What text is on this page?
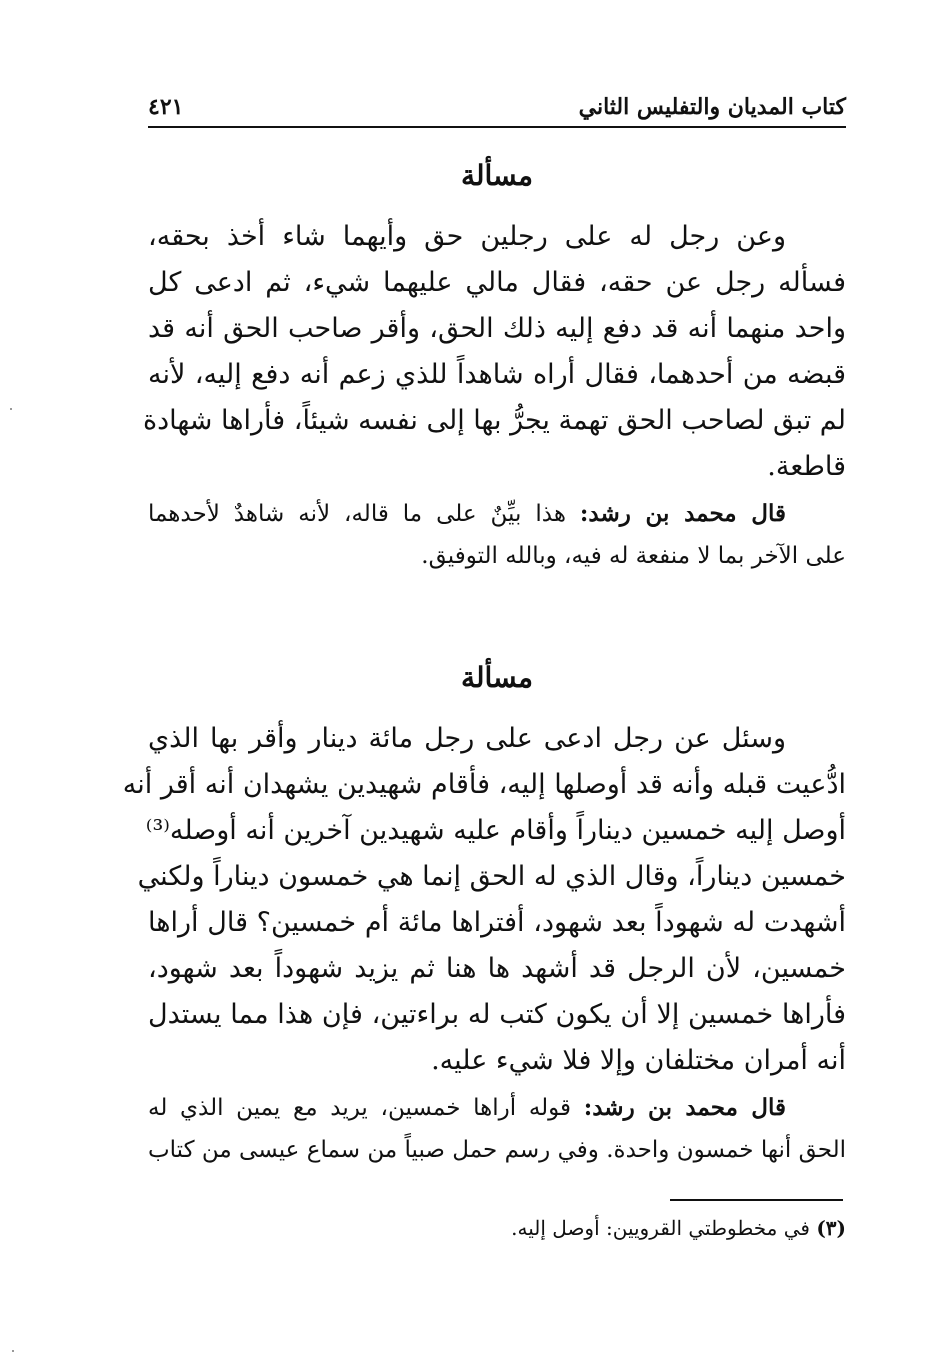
كتاب المديان والتفليس الثاني
٤٢١
مسألة
وعن رجل له على رجلين حق وأيهما شاء أخذ بحقه،
فسأله رجل عن حقه، فقال مالي عليهما شيء، ثم ادعى كل
واحد منهما أنه قد دفع إليه ذلك الحق، وأقر صاحب الحق أنه قد
قبضه من أحدهما، فقال أراه شاهداً للذي زعم أنه دفع إليه، لأنه
لم تبق لصاحب الحق تهمة يجرُّ بها إلى نفسه شيئاً، فأراها شهادة
قاطعة.
قال محمد بن رشد: هذا بيِّنٌ على ما قاله، لأنه شاهدٌ لأحدهما
على الآخر بما لا منفعة له فيه، وبالله التوفيق.
مسألة
وسئل عن رجل ادعى على رجل مائة دينار وأقر بها الذي
ادُّعيت قبله وأنه قد أوصلها إليه، فأقام شهيدين يشهدان أنه أقر أنه
أوصل إليه خمسين ديناراً وأقام عليه شهيدين آخرين أنه أوصله⁽³⁾
خمسين ديناراً، وقال الذي له الحق إنما هي خمسون ديناراً ولكني
أشهدت له شهوداً بعد شهود، أفتراها مائة أم خمسين؟ قال أراها
خمسين، لأن الرجل قد أشهد ها هنا ثم يزيد شهوداً بعد شهود،
فأراها خمسين إلا أن يكون كتب له براءتين، فإن هذا مما يستدل
أنه أمران مختلفان وإلا فلا شيء عليه.
قال محمد بن رشد: قوله أراها خمسين، يريد مع يمين الذي له
الحق أنها خمسون واحدة. وفي رسم حمل صبياً من سماع عيسى من كتاب
(٣) في مخطوطتي القرويين: أوصل إليه.
